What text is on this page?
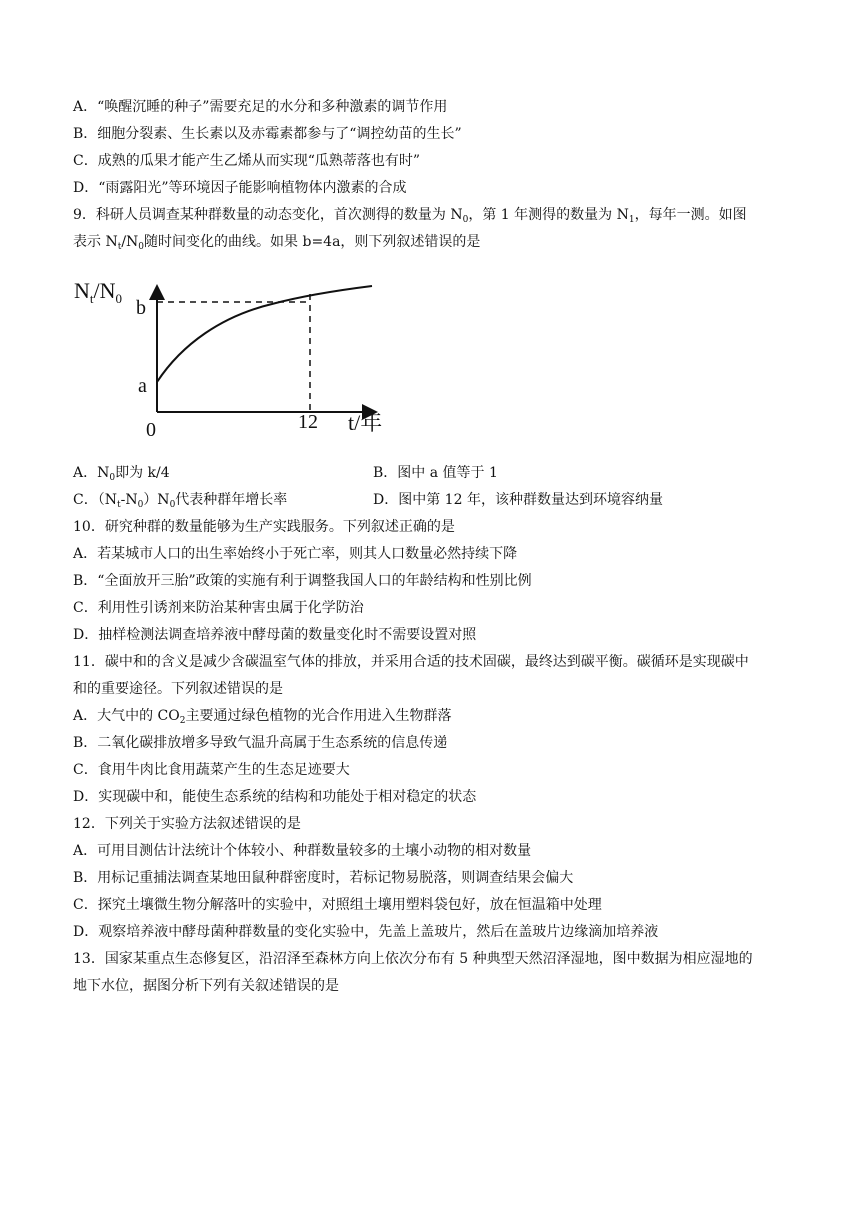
A．“唤醒沉睡的种子”需要充足的水分和多种激素的调节作用
B．细胞分裂素、生长素以及赤霉素都参与了“调控幼苗的生长”
C．成熟的瓜果才能产生乙烯从而实现“瓜熟蒂落也有时”
D．“雨露阳光”等环境因子能影响植物体内激素的合成
9．科研人员调查某种群数量的动态变化，首次测得的数量为 $N_0$，第 1 年测得的数量为 $N_1$，每年一测。如图
表示 $N_t/N_0$随时间变化的曲线。如果 b=4a，则下列叙述错误的是
$N_t/N_0$ b
a
0	12 t/年
A．$N_0$即为 k/4	B．图中 a 值等于 1
C．$(N_t-N_0)N_0$代表种群年增长率	D．图中第 12 年，该种群数量达到环境容纳量
10．研究种群的数量能够为生产实践服务。下列叙述正确的是
A．若某城市人口的出生率始终小于死亡率，则其人口数量必然持续下降
B．“全面放开三胎”政策的实施有利于调整我国人口的年龄结构和性别比例
C．利用性引诱剂来防治某种害虫属于化学防治
D．抽样检测法调查培养液中酵母菌的数量变化时不需要设置对照
11．碳中和的含义是减少含碳温室气体的排放，并采用合适的技术固碳，最终达到碳平衡。碳循环是实现碳中
和的重要途径。下列叙述错误的是
A．大气中的 $CO_2$主要通过绿色植物的光合作用进入生物群落
B．二氧化碳排放增多导致气温升高属于生态系统的信息传递
C．食用牛肉比食用蔬菜产生的生态足迹要大
D．实现碳中和，能使生态系统的结构和功能处于相对稳定的状态
12．下列关于实验方法叙述错误的是
A．可用目测估计法统计个体较小、种群数量较多的土壤小动物的相对数量
B．用标记重捕法调查某地田鼠种群密度时，若标记物易脱落，则调查结果会偏大
C．探究土壤微生物分解落叶的实验中，对照组土壤用塑料袋包好，放在恒温箱中处理
D．观察培养液中酵母菌种群数量的变化实验中，先盖上盖玻片，然后在盖玻片边缘滴加培养液
13．国家某重点生态修复区，沿沼泽至森林方向上依次分布有 5 种典型天然沼泽湿地，图中数据为相应湿地的
地下水位，据图分析下列有关叙述错误的是
